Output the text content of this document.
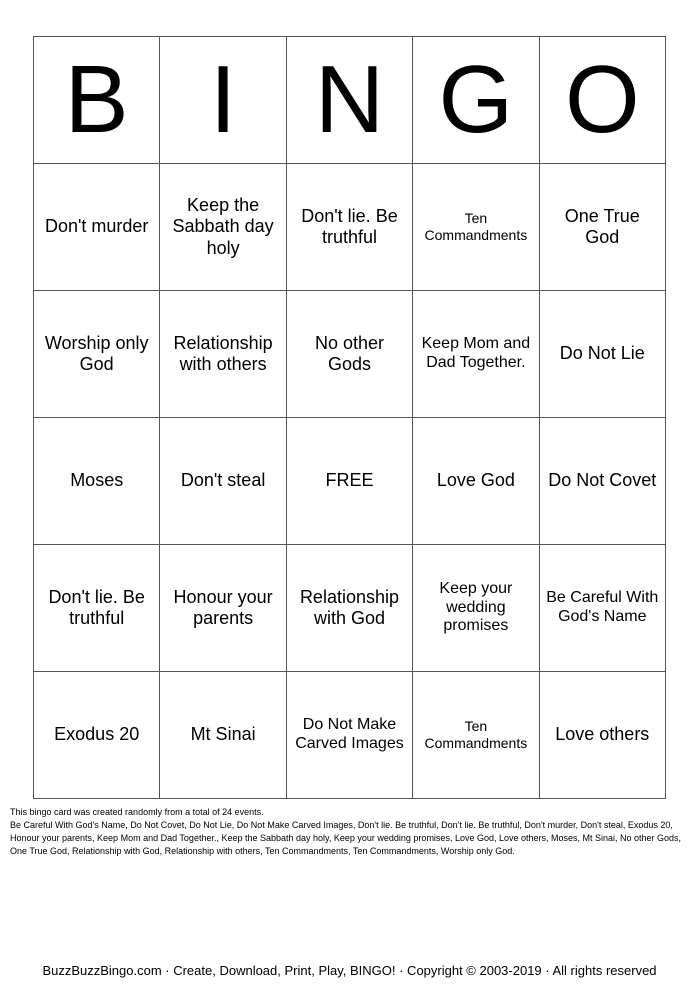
B	I	N	G	O
Don't murder	Keep the Sabbath day holy	Don't lie. Be truthful	Ten Commandments	One True God
Worship only God	Relationship with others	No other Gods	Keep Mom and Dad Together.	Do Not Lie
Moses	Don't steal	FREE	Love God	Do Not Covet
Don't lie. Be truthful	Honour your parents	Relationship with God	Keep your wedding promises	Be Careful With God's Name
Exodus 20	Mt Sinai	Do Not Make Carved Images	Ten Commandments	Love others

This bingo card was created randomly from a total of 24 events.

Be Careful With God's Name, Do Not Covet, Do Not Lie, Do Not Make Carved Images, Don't lie. Be truthful, Don't lie. Be truthful, Don't murder, Don't steal, Exodus 20, Honour your parents, Keep Mom and Dad Together., Keep the Sabbath day holy, Keep your wedding promises, Love God, Love others, Moses, Mt Sinai, No other Gods, One True God, Relationship with God, Relationship with others, Ten Commandments, Ten Commandments, Worship only God.

BuzzBuzzBingo.com · Create, Download, Print, Play, BINGO! · Copyright © 2003-2019 · All rights reserved
